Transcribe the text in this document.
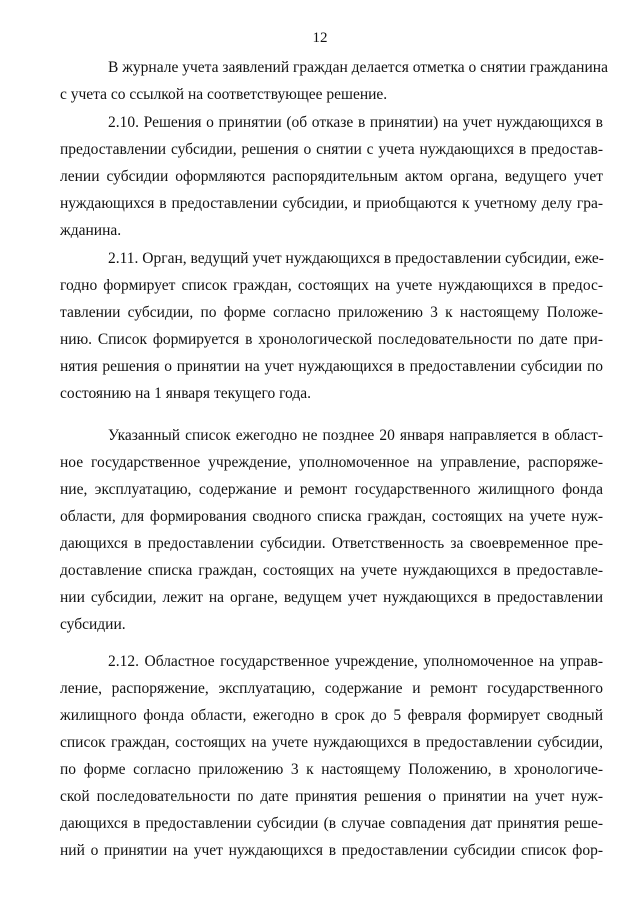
12
В журнале учета заявлений граждан делается отметка о снятии гражданина
с учета со ссылкой на соответствующее решение.
2.10. Решения о принятии (об отказе в принятии) на учет нуждающихся в
предоставлении субсидии, решения о снятии с учета нуждающихся в предостав-
лении субсидии оформляются распорядительным актом органа, ведущего учет
нуждающихся в предоставлении субсидии, и приобщаются к учетному делу гра-
жданина.
2.11. Орган, ведущий учет нуждающихся в предоставлении субсидии, еже-
годно формирует список граждан, состоящих на учете нуждающихся в предос-
тавлении субсидии, по форме согласно приложению 3 к настоящему Положе-
нию. Список формируется в хронологической последовательности по дате при-
нятия решения о принятии на учет нуждающихся в предоставлении субсидии по
состоянию на 1 января текущего года.
Указанный список ежегодно не позднее 20 января направляется в област-
ное государственное учреждение, уполномоченное на управление, распоряже-
ние, эксплуатацию, содержание и ремонт государственного жилищного фонда
области, для формирования сводного списка граждан, состоящих на учете нуж-
дающихся в предоставлении субсидии. Ответственность за своевременное пре-
доставление списка граждан, состоящих на учете нуждающихся в предоставле-
нии субсидии, лежит на органе, ведущем учет нуждающихся в предоставлении
субсидии.
2.12. Областное государственное учреждение, уполномоченное на управ-
ление, распоряжение, эксплуатацию, содержание и ремонт государственного
жилищного фонда области, ежегодно в срок до 5 февраля формирует сводный
список граждан, состоящих на учете нуждающихся в предоставлении субсидии,
по форме согласно приложению 3 к настоящему Положению, в хронологиче-
ской последовательности по дате принятия решения о принятии на учет нуж-
дающихся в предоставлении субсидии (в случае совпадения дат принятия реше-
ний о принятии на учет нуждающихся в предоставлении субсидии список фор-
